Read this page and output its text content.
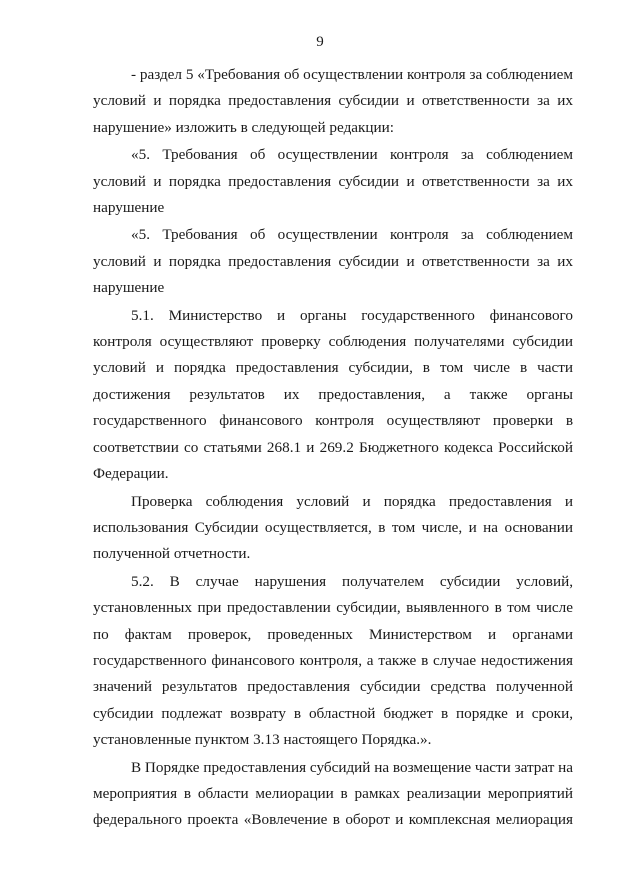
9
- раздел 5 «Требования об осуществлении контроля за соблюдением
условий и порядка предоставления субсидии и ответственности за их
нарушение» изложить в следующей редакции:
«5. Требования об осуществлении контроля за соблюдением
условий и порядка предоставления субсидии и ответственности за их
нарушение
«5. Требования об осуществлении контроля за соблюдением
условий и порядка предоставления субсидии и ответственности за их
нарушение
5.1. Министерство и органы государственного финансового
контроля осуществляют проверку соблюдения получателями субсидии
условий и порядка предоставления субсидии, в том числе в части
достижения результатов их предоставления, а также органы
государственного финансового контроля осуществляют проверки в
соответствии со статьями 268.1 и 269.2 Бюджетного кодекса Российской
Федерации.
Проверка соблюдения условий и порядка предоставления и
использования Субсидии осуществляется, в том числе, и на основании
полученной отчетности.
5.2. В случае нарушения получателем субсидии условий,
установленных при предоставлении субсидии, выявленного в том числе
по фактам проверок, проведенных Министерством и органами
государственного финансового контроля, а также в случае недостижения
значений результатов предоставления субсидии средства полученной
субсидии подлежат возврату в областной бюджет в порядке и сроки,
установленные пунктом 3.13 настоящего Порядка.».
В Порядке предоставления субсидий на возмещение части затрат на
мероприятия в области мелиорации в рамках реализации мероприятий
федерального проекта «Вовлечение в оборот и комплексная мелиорация
